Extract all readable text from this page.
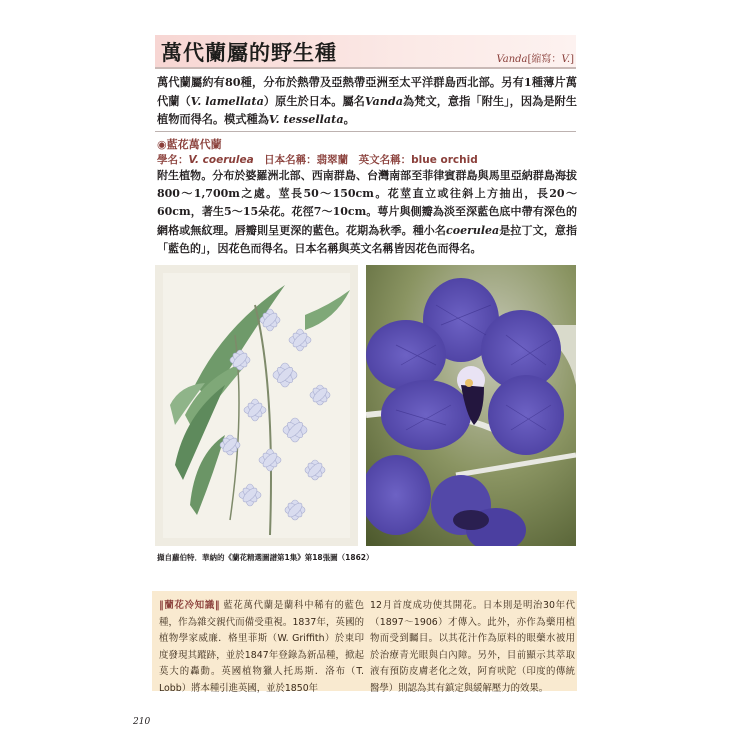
萬代蘭屬的野生種	Vanda[縮寫：V.]
萬代蘭屬約有80種，分布於熱帶及亞熱帶亞洲至太平洋群島西北部。另有1種薄片萬代蘭（V. lamellata）原生於日本。屬名Vanda為梵文，意指「附生」，因為是附生植物而得名。模式種為V. tessellata。
◉藍花萬代蘭
學名：V. coerulea　日本名稱：翡翠蘭　英文名稱：blue orchid
附生植物。分布於婆羅洲北部、西南群島、台灣南部至菲律賓群島與馬里亞納群島海拔800～1,700m之處。莖長50～150cm。花莖直立或往斜上方抽出，長20～60cm，著生5～15朵花。花徑7～10cm。萼片與側瓣為淡至深藍色底中帶有深色的網格或無紋理。唇瓣則呈更深的藍色。花期為秋季。種小名coerulea是拉丁文，意指「藍色的」，因花色而得名。日本名稱與英文名稱皆因花色而得名。
擷自蘿伯特．華納的《蘭花精選圖譜第1集》第18張圖（1862）
‖蘭花冷知識‖ 藍花萬代蘭是蘭科中稀有的藍色種，作為雜交親代而備受重視。1837年，英國的植物學家威廉．格里菲斯（W. Griffith）於東印度發現其蹤跡，並於1847年登錄為新品種，掀起莫大的轟動。英國植物獵人托馬斯．洛布（T. Lobb）將本種引進英國，並於1850年
12月首度成功使其開花。日本則是明治30年代（1897～1906）才傳入。此外，亦作為藥用植物而受到矚目。以其花汁作為原料的眼藥水被用於治療青光眼與白內障。另外，目前顯示其萃取液有預防皮膚老化之效，阿育吠陀（印度的傳統醫學）則認為其有鎮定與緩解壓力的效果。
210
